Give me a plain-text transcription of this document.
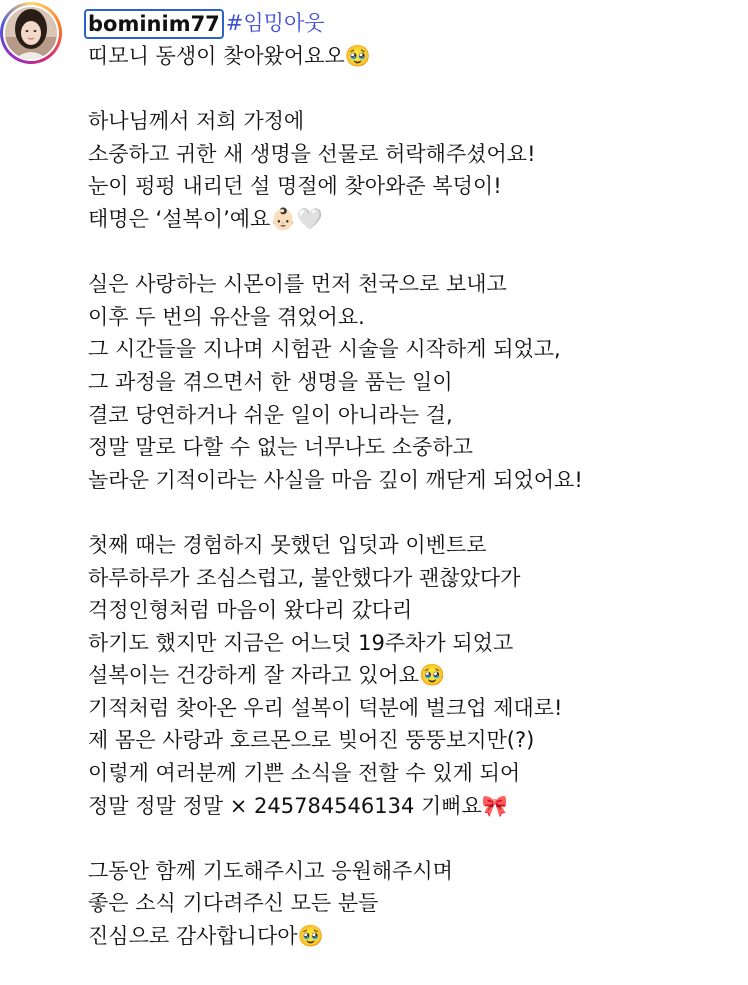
bominim77 #임밍아웃
띠모니 동생이 찾아왔어요오🥹
하나님께서 저희 가정에
소중하고 귀한 새 생명을 선물로 허락해주셨어요!
눈이 펑펑 내리던 설 명절에 찾아와준 복덩이!
태명은 ‘설복이’예요👶🏻🤍
실은 사랑하는 시몬이를 먼저 천국으로 보내고
이후 두 번의 유산을 겪었어요.
그 시간들을 지나며 시험관 시술을 시작하게 되었고,
그 과정을 겪으면서 한 생명을 품는 일이
결코 당연하거나 쉬운 일이 아니라는 걸,
정말 말로 다할 수 없는 너무나도 소중하고
놀라운 기적이라는 사실을 마음 깊이 깨닫게 되었어요!
첫째 때는 경험하지 못했던 입덧과 이벤트로
하루하루가 조심스럽고, 불안했다가 괜찮았다가
걱정인형처럼 마음이 왔다리 갔다리
하기도 했지만 지금은 어느덧 19주차가 되었고
설복이는 건강하게 잘 자라고 있어요🥹
기적처럼 찾아온 우리 설복이 덕분에 벌크업 제대로!
제 몸은 사랑과 호르몬으로 빚어진 뚱뚱보지만(?)
이렇게 여러분께 기쁜 소식을 전할 수 있게 되어
정말 정말 정말 × 245784546134 기뻐요🎀
그동안 함께 기도해주시고 응원해주시며
좋은 소식 기다려주신 모든 분들
진심으로 감사합니다아🥹
